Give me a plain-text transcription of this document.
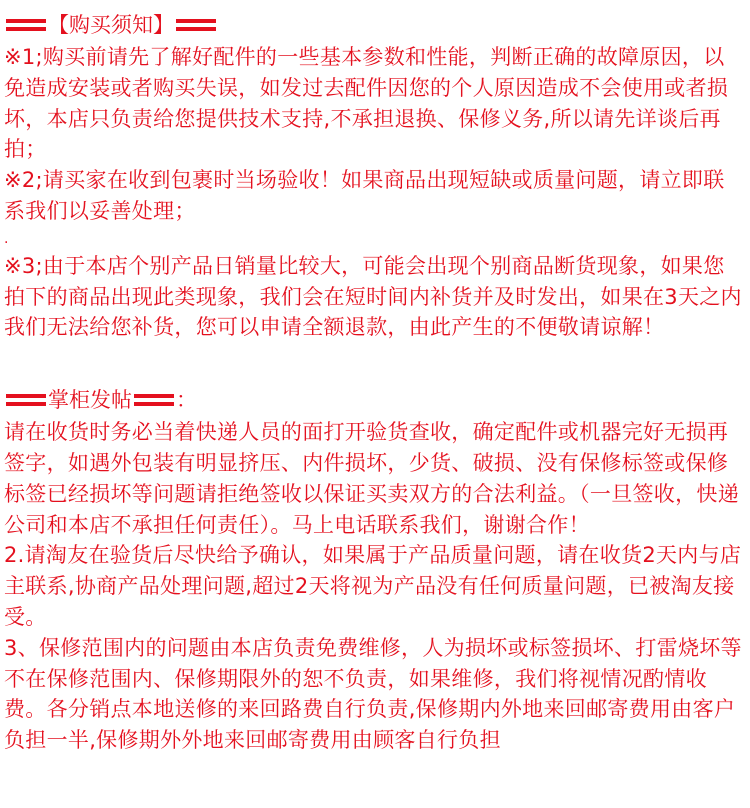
【购买须知】

※1;购买前请先了解好配件的一些基本参数和性能，判断正确的故障原因，以免造成安装或者购买失误，如发过去配件因您的个人原因造成不会使用或者损坏，本店只负责给您提供技术支持,不承担退换、保修义务,所以请先详谈后再拍；

※2;请买家在收到包裹时当场验收！如果商品出现短缺或质量问题，请立即联系我们以妥善处理；

.

※3;由于本店个别产品日销量比较大，可能会出现个别商品断货现象，如果您拍下的商品出现此类现象，我们会在短时间内补货并及时发出，如果在3天之内我们无法给您补货，您可以申请全额退款，由此产生的不便敬请谅解！

掌柜发帖 ：

请在收货时务必当着快递人员的面打开验货查收，确定配件或机器完好无损再签字，如遇外包装有明显挤压、内件损坏，少货、破损、没有保修标签或保修标签已经损坏等问题请拒绝签收以保证买卖双方的合法利益。（一旦签收，快递公司和本店不承担任何责任）。马上电话联系我们，谢谢合作！

2.请淘友在验货后尽快给予确认，如果属于产品质量问题，请在收货2天内与店主联系,协商产品处理问题,超过2天将视为产品没有任何质量问题，已被淘友接受。

3、保修范围内的问题由本店负责免费维修，人为损坏或标签损坏、打雷烧坏等不在保修范围内、保修期限外的恕不负责，如果维修，我们将视情况酌情收费。各分销点本地送修的来回路费自行负责,保修期内外地来回邮寄费用由客户负担一半,保修期外外地来回邮寄费用由顾客自行负担
